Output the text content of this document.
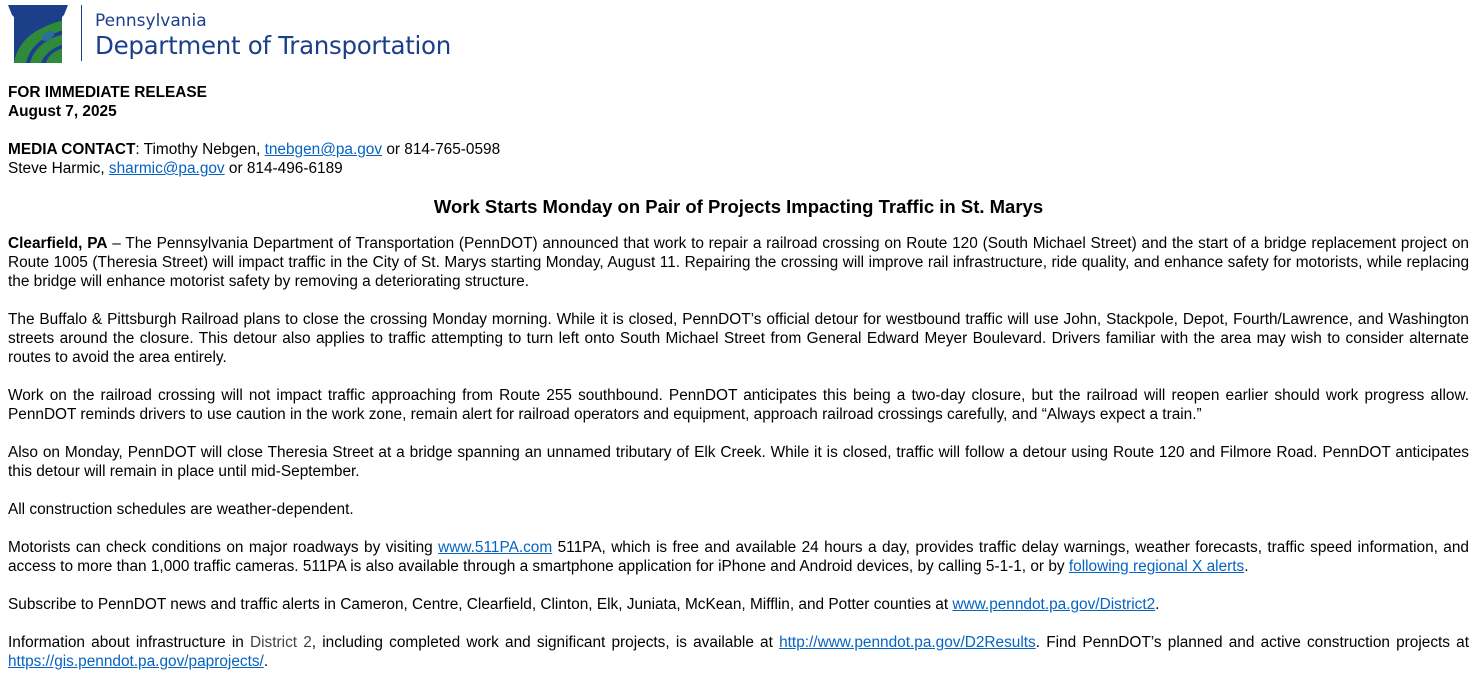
Pennsylvania
Department of Transportation
FOR IMMEDIATE RELEASE
August 7, 2025
MEDIA CONTACT: Timothy Nebgen, tnebgen@pa.gov or 814-765-0598
Steve Harmic, sharmic@pa.gov or 814-496-6189
Work Starts Monday on Pair of Projects Impacting Traffic in St. Marys

Clearfield, PA – The Pennsylvania Department of Transportation (PennDOT) announced that work to repair a railroad crossing on Route 120 (South Michael Street) and the start of a bridge replacement project on Route 1005 (Theresia Street) will impact traffic in the City of St. Marys starting Monday, August 11. Repairing the crossing will improve rail infrastructure, ride quality, and enhance safety for motorists, while replacing the bridge will enhance motorist safety by removing a deteriorating structure.

The Buffalo & Pittsburgh Railroad plans to close the crossing Monday morning. While it is closed, PennDOT’s official detour for westbound traffic will use John, Stackpole, Depot, Fourth/Lawrence, and Washington streets around the closure. This detour also applies to traffic attempting to turn left onto South Michael Street from General Edward Meyer Boulevard. Drivers familiar with the area may wish to consider alternate routes to avoid the area entirely.

Work on the railroad crossing will not impact traffic approaching from Route 255 southbound. PennDOT anticipates this being a two-day closure, but the railroad will reopen earlier should work progress allow. PennDOT reminds drivers to use caution in the work zone, remain alert for railroad operators and equipment, approach railroad crossings carefully, and “Always expect a train.”

Also on Monday, PennDOT will close Theresia Street at a bridge spanning an unnamed tributary of Elk Creek. While it is closed, traffic will follow a detour using Route 120 and Filmore Road. PennDOT anticipates this detour will remain in place until mid-September.

All construction schedules are weather-dependent.

Motorists can check conditions on major roadways by visiting www.511PA.com 511PA, which is free and available 24 hours a day, provides traffic delay warnings, weather forecasts, traffic speed information, and access to more than 1,000 traffic cameras. 511PA is also available through a smartphone application for iPhone and Android devices, by calling 5-1-1, or by following regional X alerts.

Subscribe to PennDOT news and traffic alerts in Cameron, Centre, Clearfield, Clinton, Elk, Juniata, McKean, Mifflin, and Potter counties at www.penndot.pa.gov/District2.

Information about infrastructure in District 2, including completed work and significant projects, is available at http://www.penndot.pa.gov/D2Results. Find PennDOT’s planned and active construction projects at https://gis.penndot.pa.gov/paprojects/.
